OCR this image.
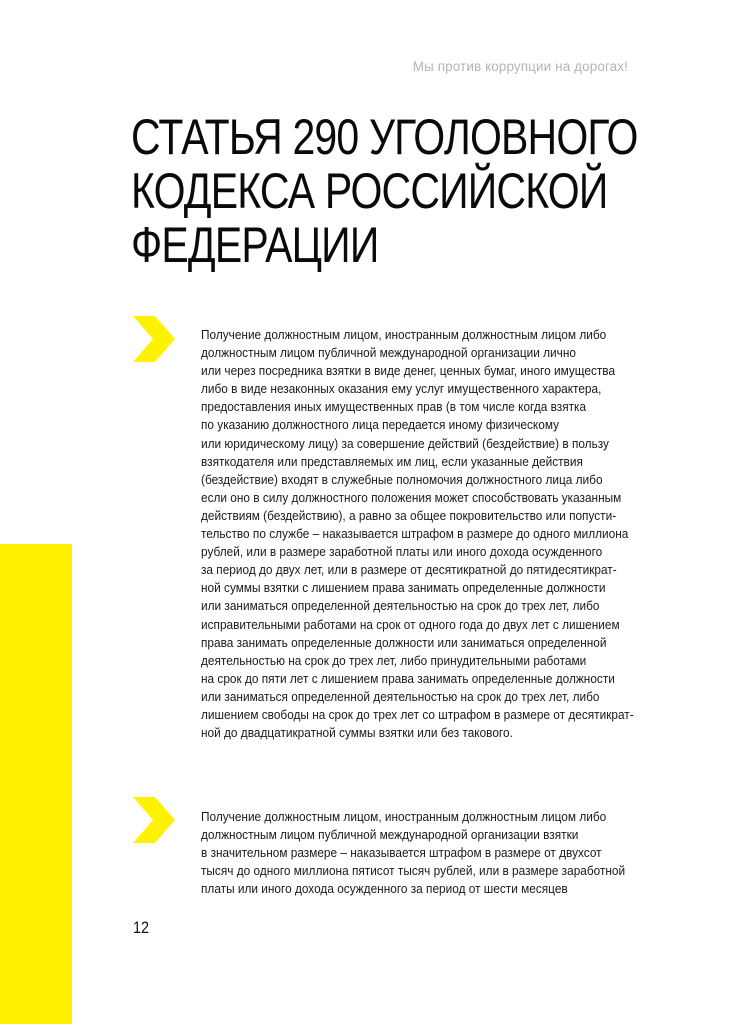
Мы против коррупции на дорогах!
СТАТЬЯ 290 УГОЛОВНОГО
КОДЕКСА РОССИЙСКОЙ
ФЕДЕРАЦИИ
Получение должностным лицом, иностранным должностным лицом либо
должностным лицом публичной международной организации лично
или через посредника взятки в виде денег, ценных бумаг, иного имущества
либо в виде незаконных оказания ему услуг имущественного характера,
предоставления иных имущественных прав (в том числе когда взятка
по указанию должностного лица передается иному физическому
или юридическому лицу) за совершение действий (бездействие) в пользу
взяткодателя или представляемых им лиц, если указанные действия
(бездействие) входят в служебные полномочия должностного лица либо
если оно в силу должностного положения может способствовать указанным
действиям (бездействию), а равно за общее покровительство или попусти-
тельство по службе – наказывается штрафом в размере до одного миллиона
рублей, или в размере заработной платы или иного дохода осужденного
за период до двух лет, или в размере от десятикратной до пятидесятикрат-
ной суммы взятки с лишением права занимать определенные должности
или заниматься определенной деятельностью на срок до трех лет, либо
исправительными работами на срок от одного года до двух лет с лишением
права занимать определенные должности или заниматься определенной
деятельностью на срок до трех лет, либо принудительными работами
на срок до пяти лет с лишением права занимать определенные должности
или заниматься определенной деятельностью на срок до трех лет, либо
лишением свободы на срок до трех лет со штрафом в размере от десятикрат-
ной до двадцатикратной суммы взятки или без такового.
Получение должностным лицом, иностранным должностным лицом либо
должностным лицом публичной международной организации взятки
в значительном размере – наказывается штрафом в размере от двухсот
тысяч до одного миллиона пятисот тысяч рублей, или в размере заработной
платы или иного дохода осужденного за период от шести месяцев
12
